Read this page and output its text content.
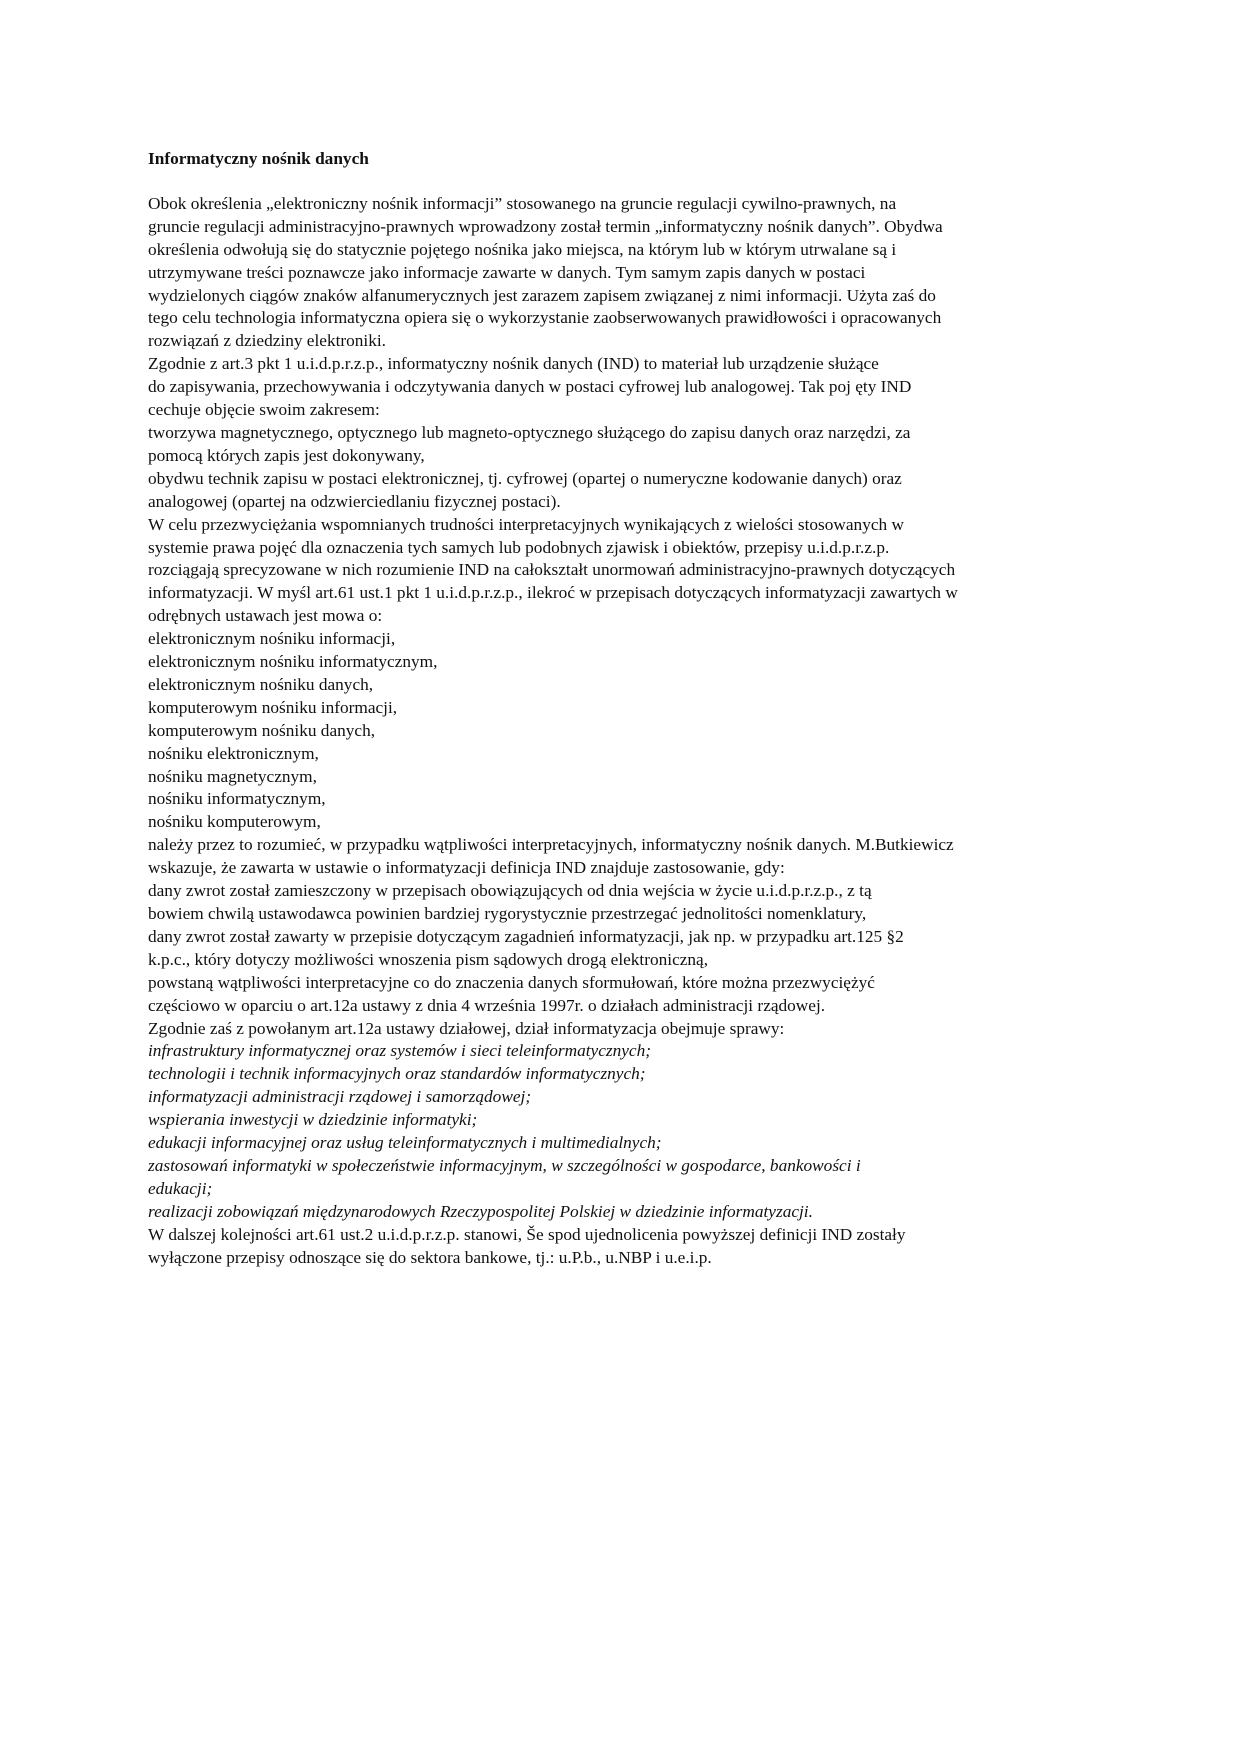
Informatyczny nośnik danych
Obok określenia „elektroniczny nośnik informacji” stosowanego na gruncie regulacji cywilno-prawnych, na
gruncie regulacji administracyjno-prawnych wprowadzony został termin „informatyczny nośnik danych”. Obydwa
określenia odwołują się do statycznie pojętego nośnika jako miejsca, na którym lub w którym utrwalane są i
utrzymywane treści poznawcze jako informacje zawarte w danych. Tym samym zapis danych w postaci
wydzielonych ciągów znaków alfanumerycznych jest zarazem zapisem związanej z nimi informacji. Użyta zaś do
tego celu technologia informatyczna opiera się o wykorzystanie zaobserwowanych prawidłowości i opracowanych
rozwiązań z dziedziny elektroniki.
Zgodnie z art.3 pkt 1 u.i.d.p.r.z.p., informatyczny nośnik danych (IND) to materiał lub urządzenie służące
do zapisywania, przechowywania i odczytywania danych w postaci cyfrowej lub analogowej. Tak poj ęty IND
cechuje objęcie swoim zakresem:
tworzywa magnetycznego, optycznego lub magneto-optycznego służącego do zapisu danych oraz narzędzi, za
pomocą których zapis jest dokonywany,
obydwu technik zapisu w postaci elektronicznej, tj. cyfrowej (opartej o numeryczne kodowanie danych) oraz
analogowej (opartej na odzwierciedlaniu fizycznej postaci).
W celu przezwyciężania wspomnianych trudności interpretacyjnych wynikających z wielości stosowanych w
systemie prawa pojęć dla oznaczenia tych samych lub podobnych zjawisk i obiektów, przepisy u.i.d.p.r.z.p.
rozciągają sprecyzowane w nich rozumienie IND na całokształt unormowań administracyjno-prawnych dotyczących
informatyzacji. W myśl art.61 ust.1 pkt 1 u.i.d.p.r.z.p., ilekroć w przepisach dotyczących informatyzacji zawartych w
odrębnych ustawach jest mowa o:
elektronicznym nośniku informacji,
elektronicznym nośniku informatycznym,
elektronicznym nośniku danych,
komputerowym nośniku informacji,
komputerowym nośniku danych,
nośniku elektronicznym,
nośniku magnetycznym,
nośniku informatycznym,
nośniku komputerowym,
należy przez to rozumieć, w przypadku wątpliwości interpretacyjnych, informatyczny nośnik danych. M.Butkiewicz
wskazuje, że zawarta w ustawie o informatyzacji definicja IND znajduje zastosowanie, gdy:
dany zwrot został zamieszczony w przepisach obowiązujących od dnia wejścia w życie u.i.d.p.r.z.p., z tą
bowiem chwilą ustawodawca powinien bardziej rygorystycznie przestrzegać jednolitości nomenklatury,
dany zwrot został zawarty w przepisie dotyczącym zagadnień informatyzacji, jak np. w przypadku art.125 §2
k.p.c., który dotyczy możliwości wnoszenia pism sądowych drogą elektroniczną,
powstaną wątpliwości interpretacyjne co do znaczenia danych sformułowań, które można przezwyciężyć
częściowo w oparciu o art.12a ustawy z dnia 4 września 1997r. o działach administracji rządowej.
Zgodnie zaś z powołanym art.12a ustawy działowej, dział informatyzacja obejmuje sprawy:
infrastruktury informatycznej oraz systemów i sieci teleinformatycznych;
technologii i technik informacyjnych oraz standardów informatycznych;
informatyzacji administracji rządowej i samorządowej;
wspierania inwestycji w dziedzinie informatyki;
edukacji informacyjnej oraz usług teleinformatycznych i multimedialnych;
zastosowań informatyki w społeczeństwie informacyjnym, w szczególności w gospodarce, bankowości i
edukacji;
realizacji zobowiązań międzynarodowych Rzeczypospolitej Polskiej w dziedzinie informatyzacji.
W dalszej kolejności art.61 ust.2 u.i.d.p.r.z.p. stanowi, Še spod ujednolicenia powyższej definicji IND zostały
wyłączone przepisy odnoszące się do sektora bankowe, tj.: u.P.b., u.NBP i u.e.i.p.
